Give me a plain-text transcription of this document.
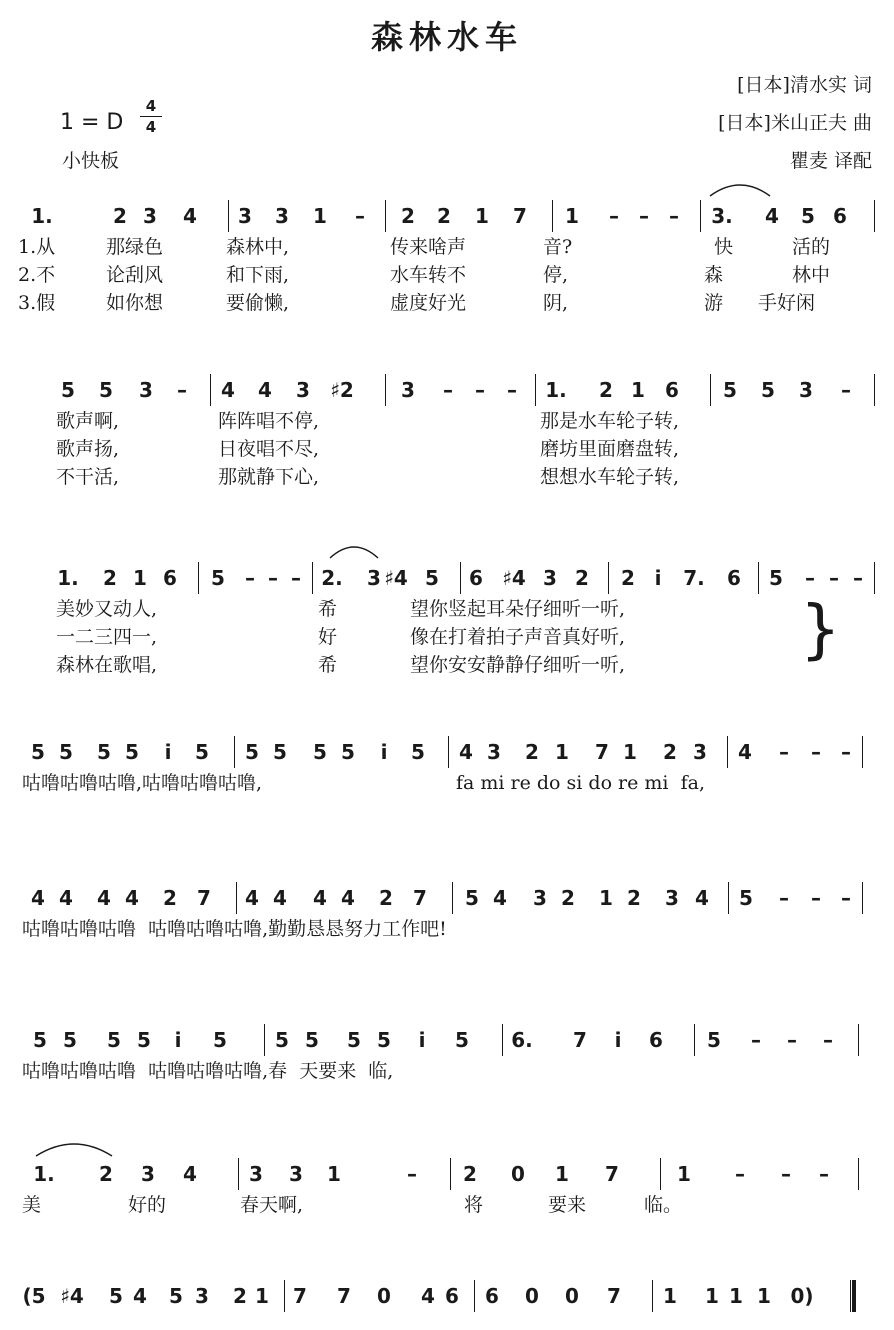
森林水车
[日本]清水实 词
[日本]米山正夫 曲
瞿麦 译配
1 = D
4
4
小快板
1.	2 3 4 3 3 1 – 2 2 1 7 1 – – – 3. 4 5 6
1.从	那绿色	森林中,	传来啥声	音?	快	活的
2.不	论刮风	和下雨,	水车转不	停,	森	林中
3.假	如你想	要偷懒,	虚度好光	阴,	游 手好闲
5 5 3 – 4 4 3 ♯2 3 – – – 1. 2 1 6 5 5 3 –
歌声啊,	阵阵唱不停,	那是水车轮子转,
歌声扬,	日夜唱不尽,	磨坊里面磨盘转,
不干活,	那就静下心,	想想水车轮子转,
1. 2 1 6 5 – – – 2. 3 ♯4 5 6 ♯4 3 2 2 i 7. 6 5 – – –
美妙又动人,	希	望你竖起耳朵仔细听一听,
一二三四一,	好	像在打着拍子声音真好听,
森林在歌唱,	希	望你安安静静仔细听一听,
5 5 5 5 i 5 5 5 5 5 i 5 4 3 2 1 7 1 2 3 4 – – –
咕噜咕噜咕噜,咕噜咕噜咕噜,	fa mi re do si do re mi  fa,
4 4 4 4 2 7 4 4 4 4 2 7 5 4 3 2 1 2 3 4 5 – – –
咕噜咕噜咕噜  咕噜咕噜咕噜,勤勤恳恳努力工作吧!
5 5 5 5 i 5 5 5 5 5 i 5 6. 7 i 6 5 – – –
咕噜咕噜咕噜  咕噜咕噜咕噜,春  天要来  临,
1. 2 3 4	3 3 1	– 2 0 1 7	1 – – –
美	好的	春天啊,	将	要来	临。
(5 ♯4 5 4 5 3 2 1 7 7 0 4 6 6 0 0 7 1 1 1 1 0)
}
